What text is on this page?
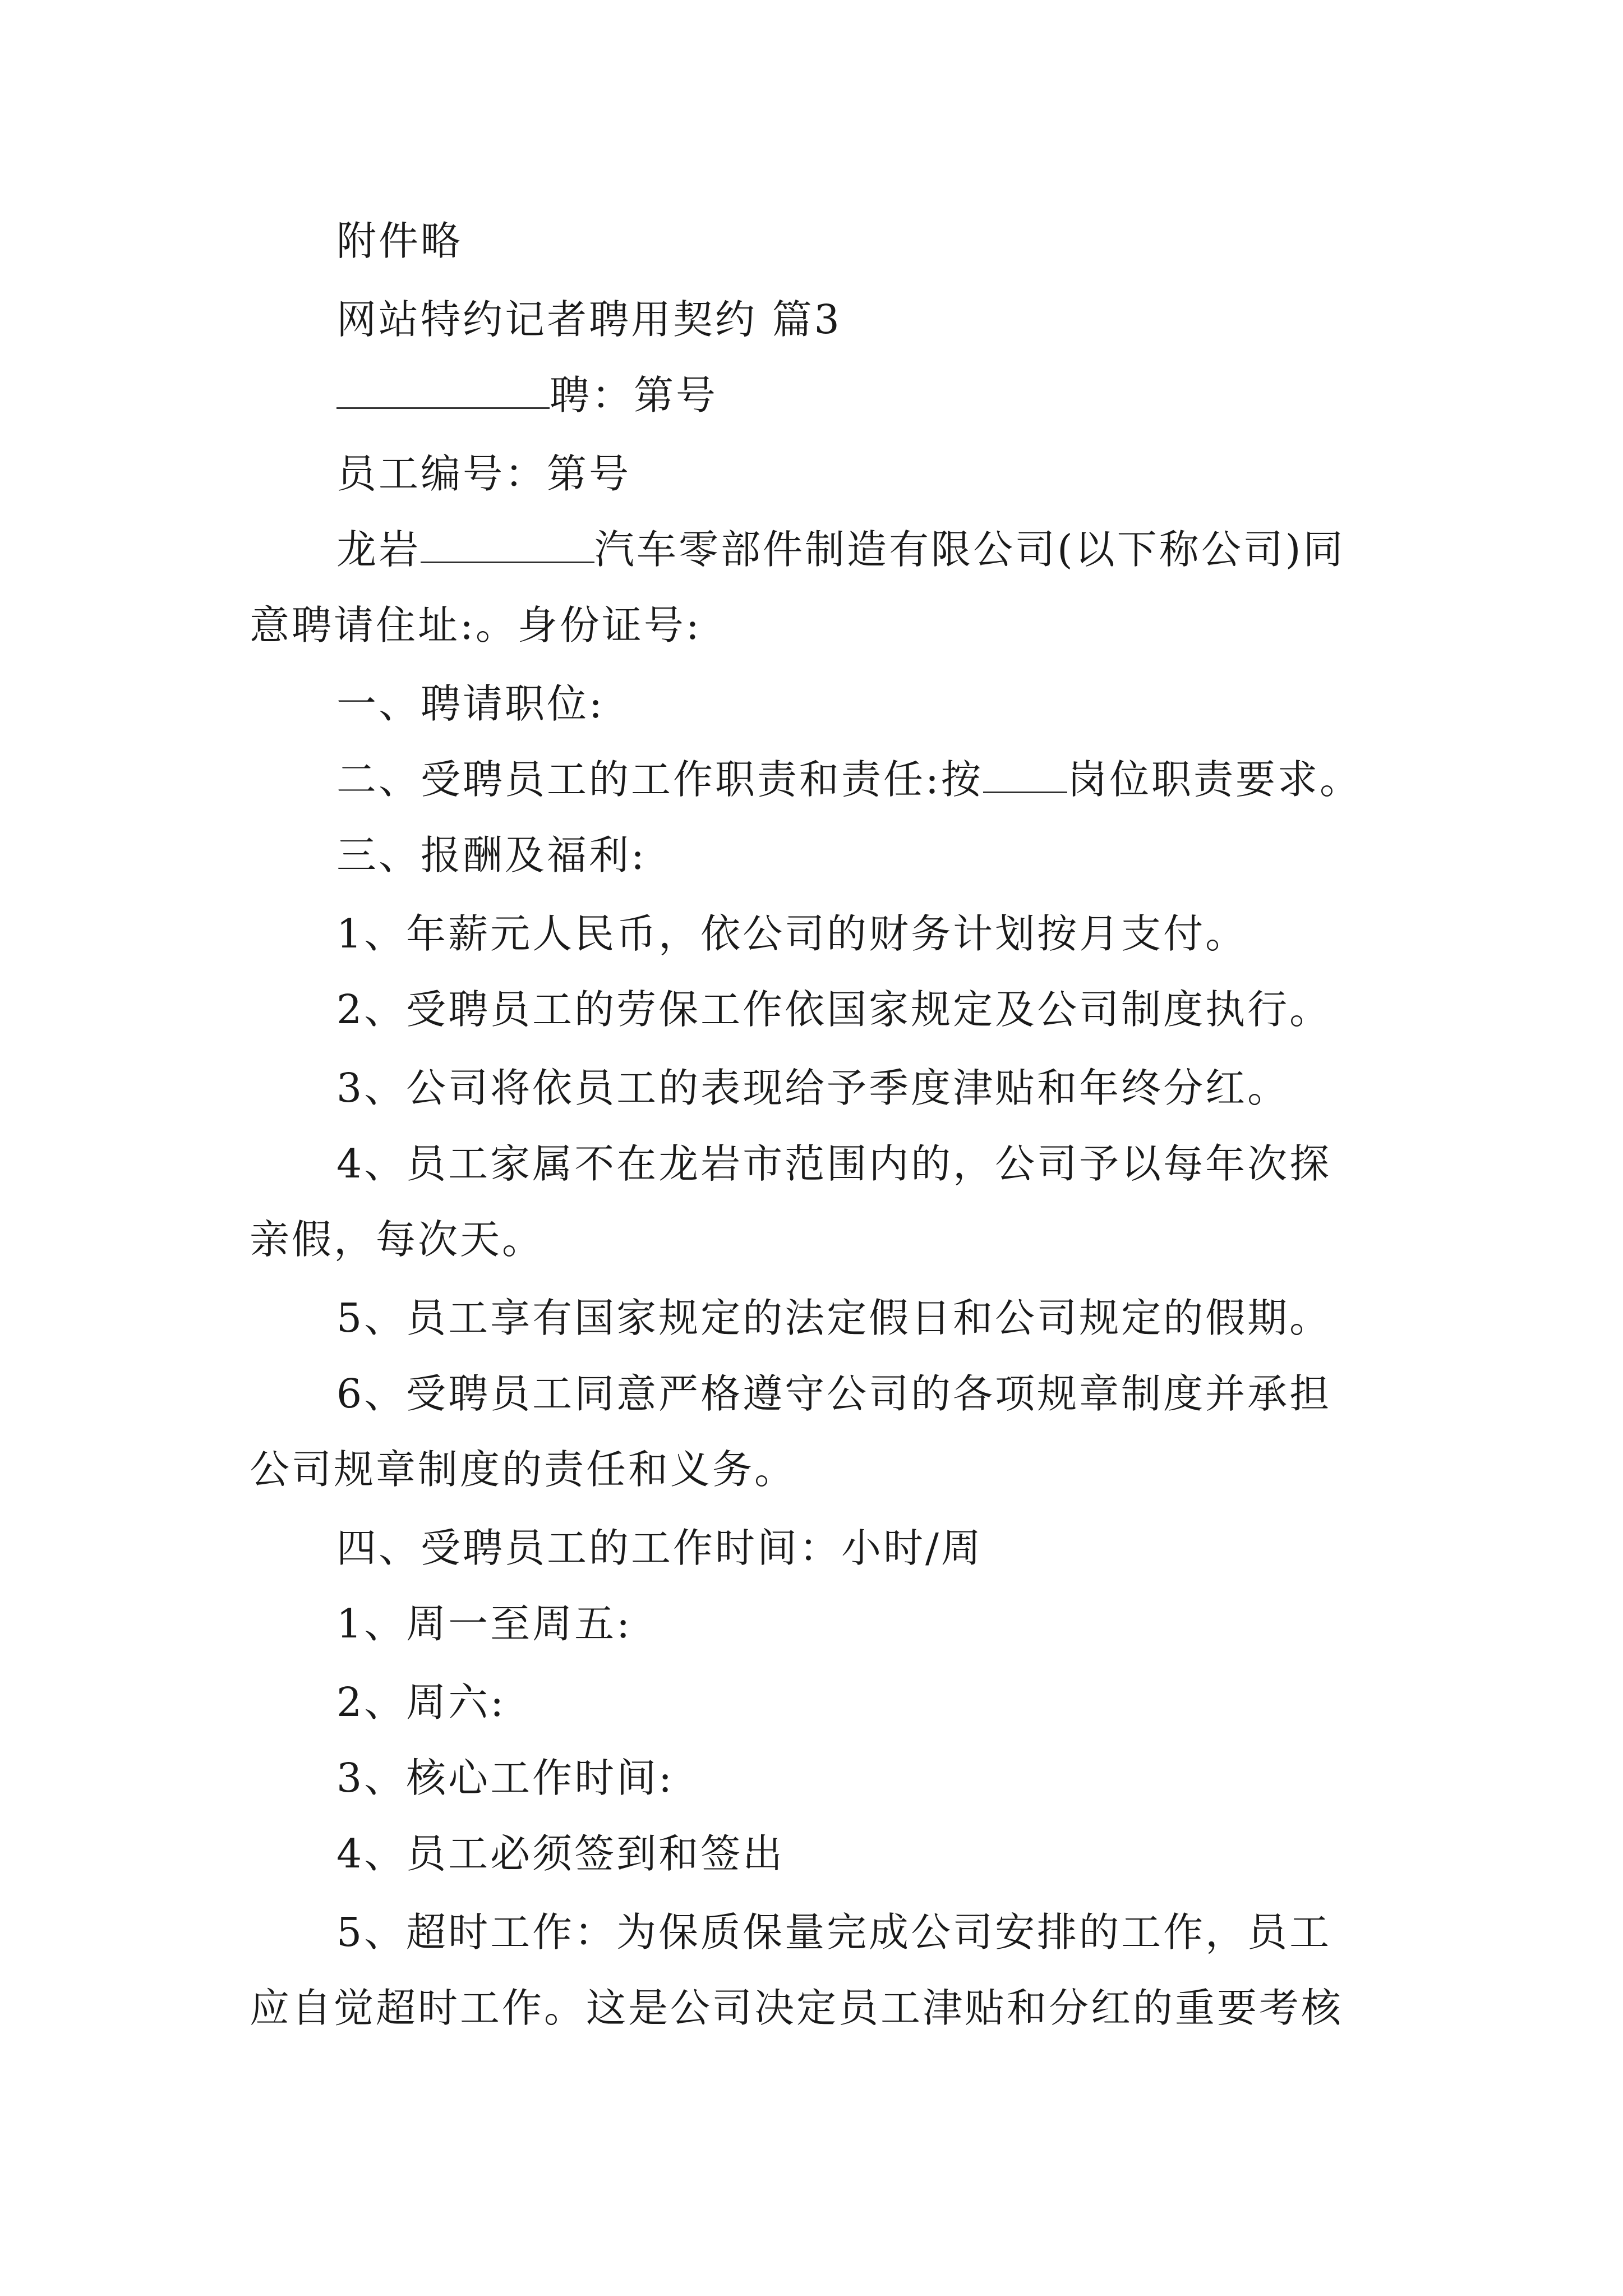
附件略
网站特约记者聘用契约 篇3
聘：第号
员工编号：第号
龙岩	汽车零部件制造有限公司(以下称公司)同
意聘请住址:。身份证号:
一、聘请职位:
二、受聘员工的工作职责和责任:按 岗位职责要求。
三、报酬及福利:
1、年薪元人民币，依公司的财务计划按月支付。
2、受聘员工的劳保工作依国家规定及公司制度执行。
3、公司将依员工的表现给予季度津贴和年终分红。
4、员工家属不在龙岩市范围内的，公司予以每年次探
亲假，每次天。
5、员工享有国家规定的法定假日和公司规定的假期。
6、受聘员工同意严格遵守公司的各项规章制度并承担
公司规章制度的责任和义务。
四、受聘员工的工作时间：小时/周
1、周一至周五:
2、周六:
3、核心工作时间:
4、员工必须签到和签出
5、超时工作：为保质保量完成公司安排的工作，员工
应自觉超时工作。这是公司决定员工津贴和分红的重要考核
